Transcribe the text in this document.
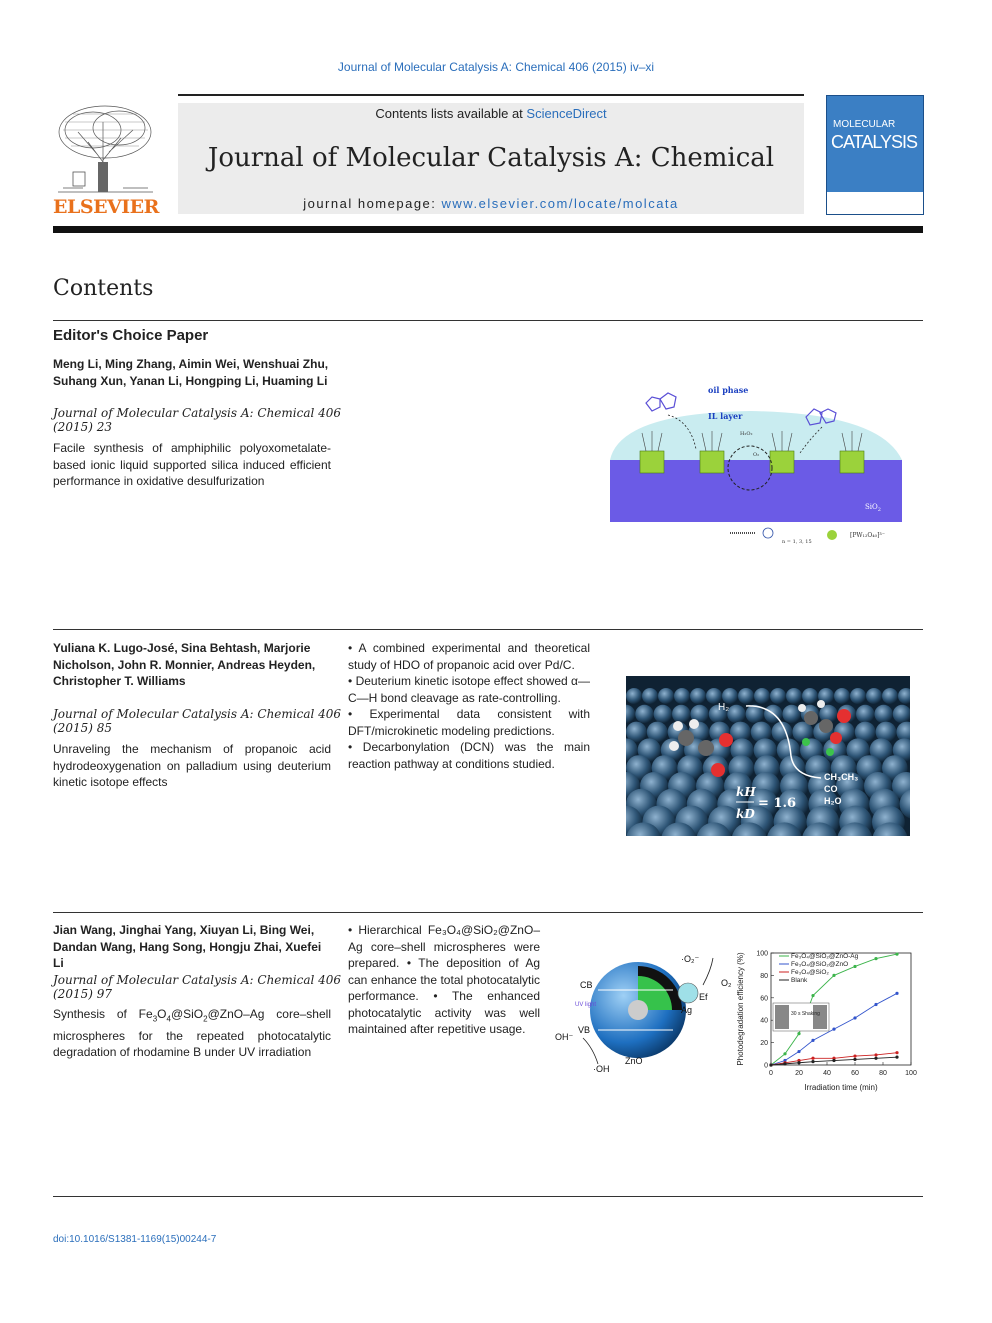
Journal of Molecular Catalysis A: Chemical 406 (2015) iv–xi
Contents lists available at ScienceDirect
Journal of Molecular Catalysis A: Chemical
journal homepage: www.elsevier.com/locate/molcata
ELSEVIER
MOLECULAR
CATALYSIS
Contents
Editor's Choice Paper
Meng Li, Ming Zhang, Aimin Wei, Wenshuai Zhu, Suhang Xun, Yanan Li, Hongping Li, Huaming Li
Journal of Molecular Catalysis A: Chemical 406 (2015) 23
Facile synthesis of amphiphilic polyoxometalate-based ionic liquid supported silica induced efficient performance in oxidative desulfurization
oil phase
IL layer
H₂O₂
O₂
SiO$_2$
n = 1, 3, 15
[PW₁₂O₄₀]³⁻
Yuliana K. Lugo-José, Sina Behtash, Marjorie Nicholson, John R. Monnier, Andreas Heyden, Christopher T. Williams
Journal of Molecular Catalysis A: Chemical 406 (2015) 85
Unraveling the mechanism of propanoic acid hydrodeoxygenation on palladium using deuterium kinetic isotope effects
• A combined experimental and theoretical study of HDO of propanoic acid over Pd/C.
• Deuterium kinetic isotope effect showed α—C—H bond cleavage as rate-controlling.
• Experimental data consistent with DFT/microkinetic modeling predictions.
• Decarbonylation (DCN) was the main reaction pathway at conditions studied.
H₂
kH
kD
= 1.6
CH₃CH₃
CO
H₂O
Jian Wang, Jinghai Yang, Xiuyan Li, Bing Wei, Dandan Wang, Hang Song, Hongju Zhai, Xuefei Li
Journal of Molecular Catalysis A: Chemical 406 (2015) 97
Synthesis of $Fe_3O_4@SiO_2@ZnO-Ag$ core–shell microspheres for the repeated photocatalytic degradation of rhodamine B under UV irradiation
• Hierarchical Fe₃O₄@SiO₂@ZnO–Ag core–shell microspheres were prepared. • The deposition of Ag can enhance the total photocatalytic performance. • The enhanced photocatalytic activity was well maintained after repetitive usage.
CB
VB
Ef
Ag
ZnO
O₂
·O₂⁻
OH⁻
·OH
UV light
0	20	40	60	80	100
0
20
40
60
80
100	Fe₃O₄@SiO₂@ZnO-Ag
Fe₃O₄@SiO₂@ZnO
Fe₃O₄@SiO₂
Blank
30 s Shaking
Irradiation time (min)
Photodegradation efficiency (%)
doi:10.1016/S1381-1169(15)00244-7
